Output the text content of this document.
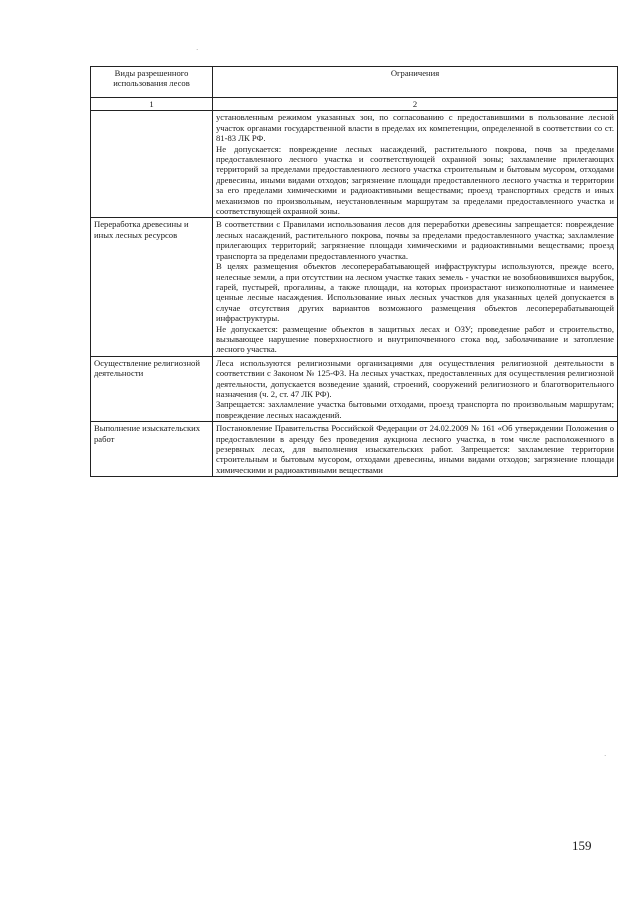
·
·
Виды разрешенного использования лесов	Ограничения
1	2

	установленным режимом указанных зон, по согласованию с предоставившими в пользование лесной участок органами государственной власти в пределах их компетенции, определенной в соответствии со ст. 81-83 ЛК РФ.

Не допускается: повреждение лесных насаждений, растительного покрова, почв за пределами предоставленного лесного участка и соответствующей охранной зоны; захламление прилегающих территорий за пределами предоставленного лесного участка строительным и бытовым мусором, отходами древесины, иными видами отходов; загрязнение площади предоставленного лесного участка и территории за его пределами химическими и радиоактивными веществами; проезд транспортных средств и иных механизмов по произвольным, неустановленным маршрутам за пределами предоставленного участка и соответствующей охранной зоны.

Переработка древесины и иных лесных ресурсов	В соответствии с Правилами использования лесов для переработки древесины запрещается: повреждение лесных насаждений, растительного покрова, почвы за пределами предоставленного участка; захламление прилегающих территорий; загрязнение площади химическими и радиоактивными веществами; проезд транспорта за пределами предоставленного участка.

В целях размещения объектов лесоперерабатывающей инфраструктуры используются, прежде всего, нелесные земли, а при отсутствии на лесном участке таких земель - участки не возобновившихся вырубок, гарей, пустырей, прогалины, а также площади, на которых произрастают низкополнотные и наименее ценные лесные насаждения. Использование иных лесных участков для указанных целей допускается в случае отсутствия других вариантов возможного размещения объектов лесоперерабатывающей инфраструктуры.

Не допускается: размещение объектов в защитных лесах и ОЗУ; проведение работ и строительство, вызывающее нарушение поверхностного и внутрипочвенного стока вод, заболачивание и затопление лесного участка.

Осуществление религиозной деятельности	Леса используются религиозными организациями для осуществления религиозной деятельности в соответствии с Законом № 125-ФЗ. На лесных участках, предоставленных для осуществления религиозной деятельности, допускается возведение зданий, строений, сооружений религиозного и благотворительного назначения (ч. 2, ст. 47 ЛК РФ).

Запрещается: захламление участка бытовыми отходами, проезд транспорта по произвольным маршрутам; повреждение лесных насаждений.

Выполнение изыскательских работ	Постановление Правительства Российской Федерации от 24.02.2009 № 161 «Об утверждении Положения о предоставлении в аренду без проведения аукциона лесного участка, в том числе расположенного в резервных лесах, для выполнения изыскательских работ. Запрещается: захламление территории строительным и бытовым мусором, отходами древесины, иными видами отходов; загрязнение площади химическими и радиоактивными веществами

159
